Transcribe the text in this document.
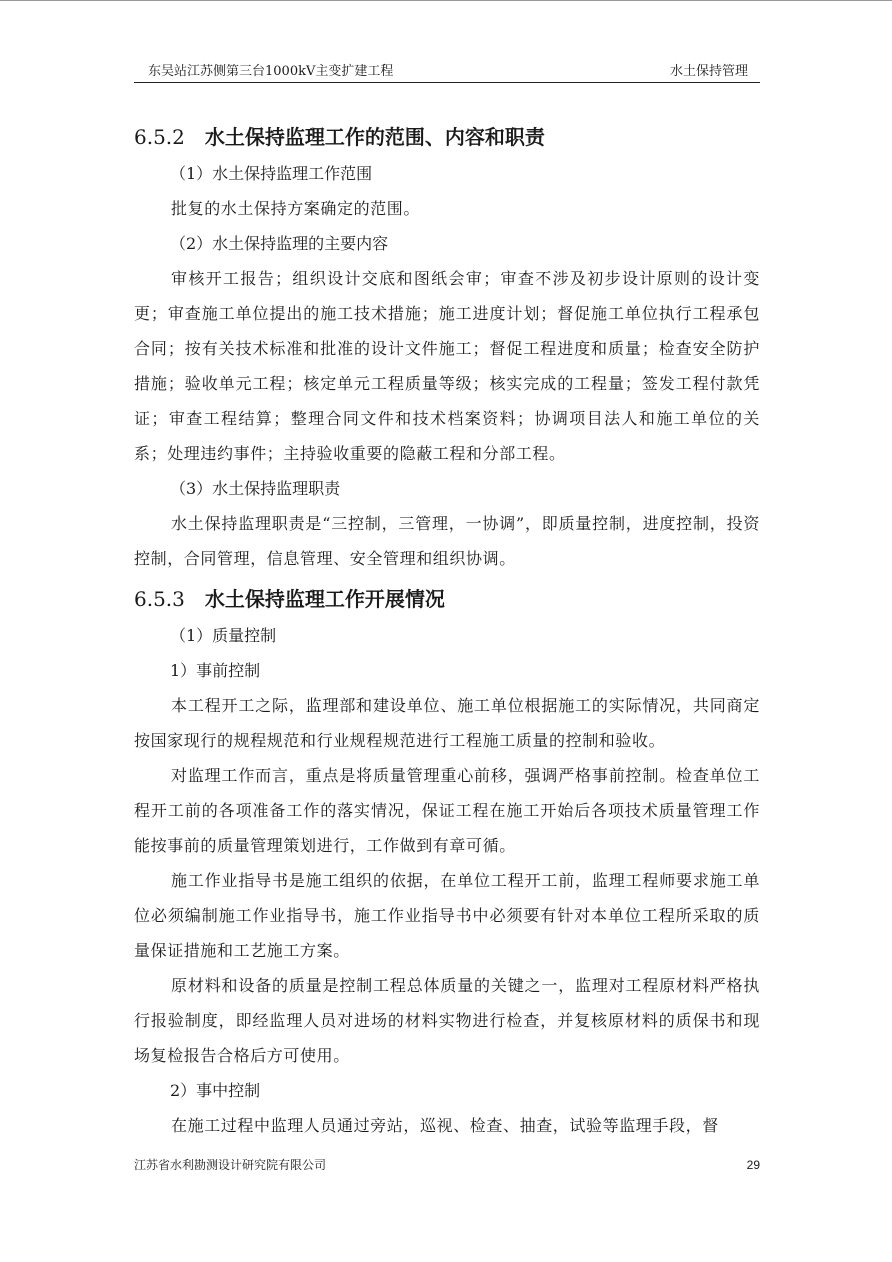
东吴站江苏侧第三台1000kV主变扩建工程	水土保持管理
6.5.2 水土保持监理工作的范围、内容和职责
（1）水土保持监理工作范围

批复的水土保持方案确定的范围。

（2）水土保持监理的主要内容

审核开工报告；组织设计交底和图纸会审；审查不涉及初步设计原则的设计变更；审查施工单位提出的施工技术措施；施工进度计划；督促施工单位执行工程承包合同；按有关技术标准和批准的设计文件施工；督促工程进度和质量；检查安全防护措施；验收单元工程；核定单元工程质量等级；核实完成的工程量；签发工程付款凭证；审查工程结算；整理合同文件和技术档案资料；协调项目法人和施工单位的关系；处理违约事件；主持验收重要的隐蔽工程和分部工程。

（3）水土保持监理职责

水土保持监理职责是“三控制，三管理，一协调”，即质量控制，进度控制，投资控制，合同管理，信息管理、安全管理和组织协调。

6.5.3 水土保持监理工作开展情况
（1）质量控制
1）事前控制

本工程开工之际，监理部和建设单位、施工单位根据施工的实际情况，共同商定按国家现行的规程规范和行业规程规范进行工程施工质量的控制和验收。

对监理工作而言，重点是将质量管理重心前移，强调严格事前控制。检查单位工程开工前的各项准备工作的落实情况，保证工程在施工开始后各项技术质量管理工作能按事前的质量管理策划进行，工作做到有章可循。

施工作业指导书是施工组织的依据，在单位工程开工前，监理工程师要求施工单位必须编制施工作业指导书，施工作业指导书中必须要有针对本单位工程所采取的质量保证措施和工艺施工方案。

原材料和设备的质量是控制工程总体质量的关键之一，监理对工程原材料严格执行报验制度，即经监理人员对进场的材料实物进行检查，并复核原材料的质保书和现场复检报告合格后方可使用。

2）事中控制

在施工过程中监理人员通过旁站，巡视、检查、抽查，试验等监理手段，督

江苏省水利勘测设计研究院有限公司	29
